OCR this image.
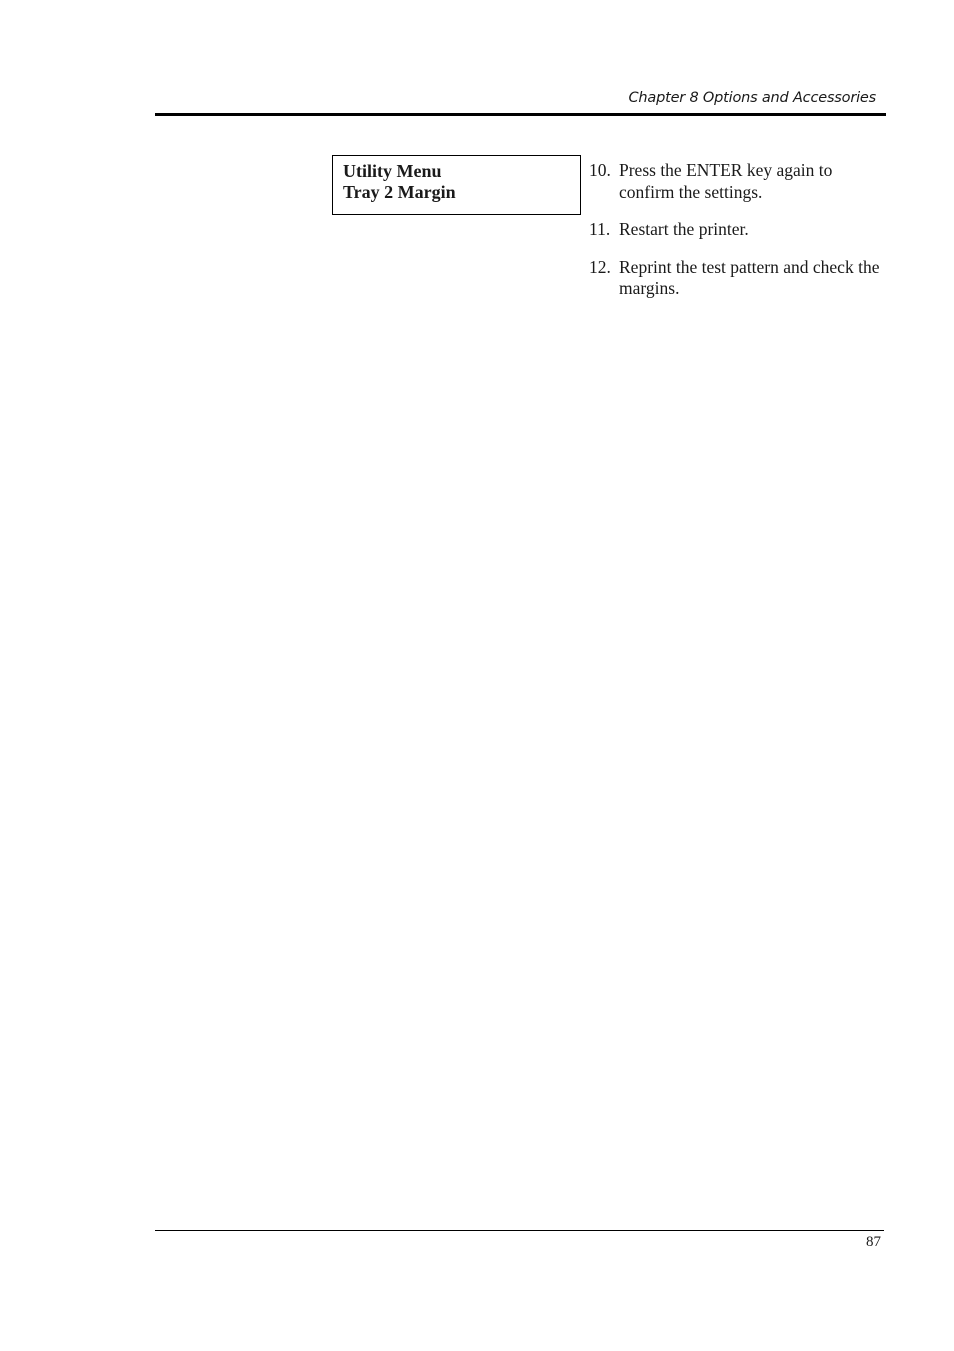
Chapter 8 Options and Accessories
Utility Menu
Tray 2 Margin
10. Press the ENTER key again to confirm the settings.
11. Restart the printer.
12. Reprint the test pattern and check the margins.
87
